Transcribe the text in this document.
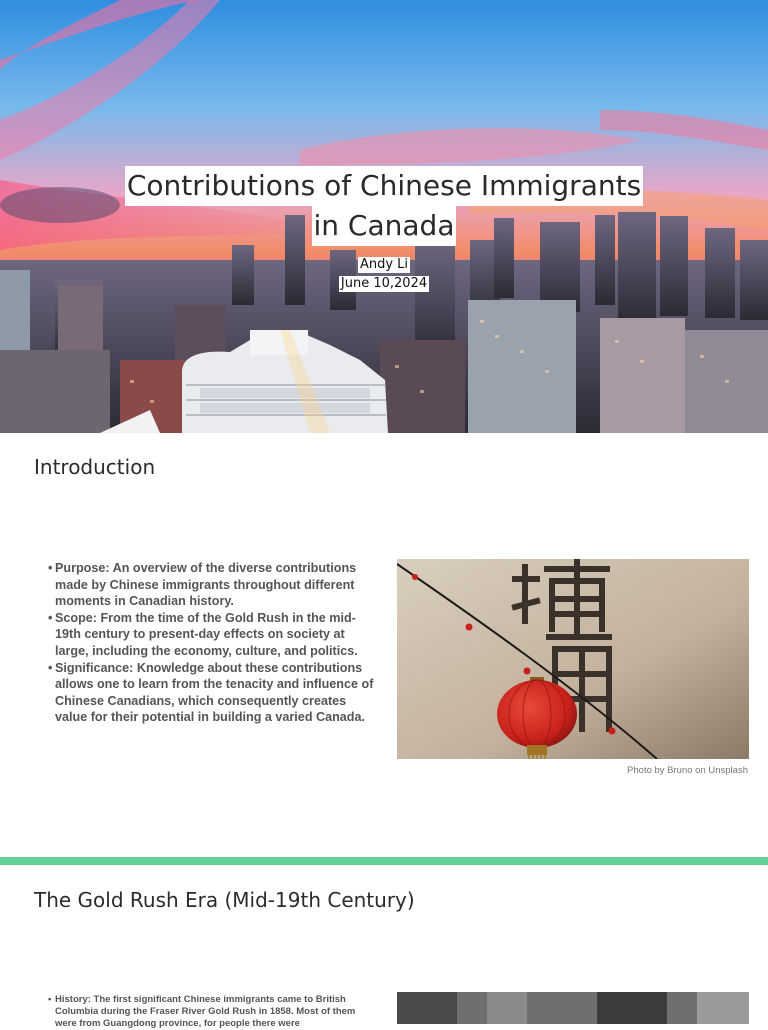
Contributions of Chinese Immigrants
in Canada
Andy Li
June 10,2024
Introduction
• Purpose: An overview of the diverse contributions made by Chinese immigrants throughout different moments in Canadian history.
• Scope: From the time of the Gold Rush in the mid-19th century to present-day effects on society at large, including the economy, culture, and politics.
• Significance: Knowledge about these contributions allows one to learn from the tenacity and influence of Chinese Canadians, which consequently creates value for their potential in building a varied Canada.
Photo by Bruno on Unsplash
The Gold Rush Era (Mid-19th Century)
• History: The first significant Chinese immigrants came to British Columbia during the Fraser River Gold Rush in 1858. Most of them were from Guangdong province, for people there were
